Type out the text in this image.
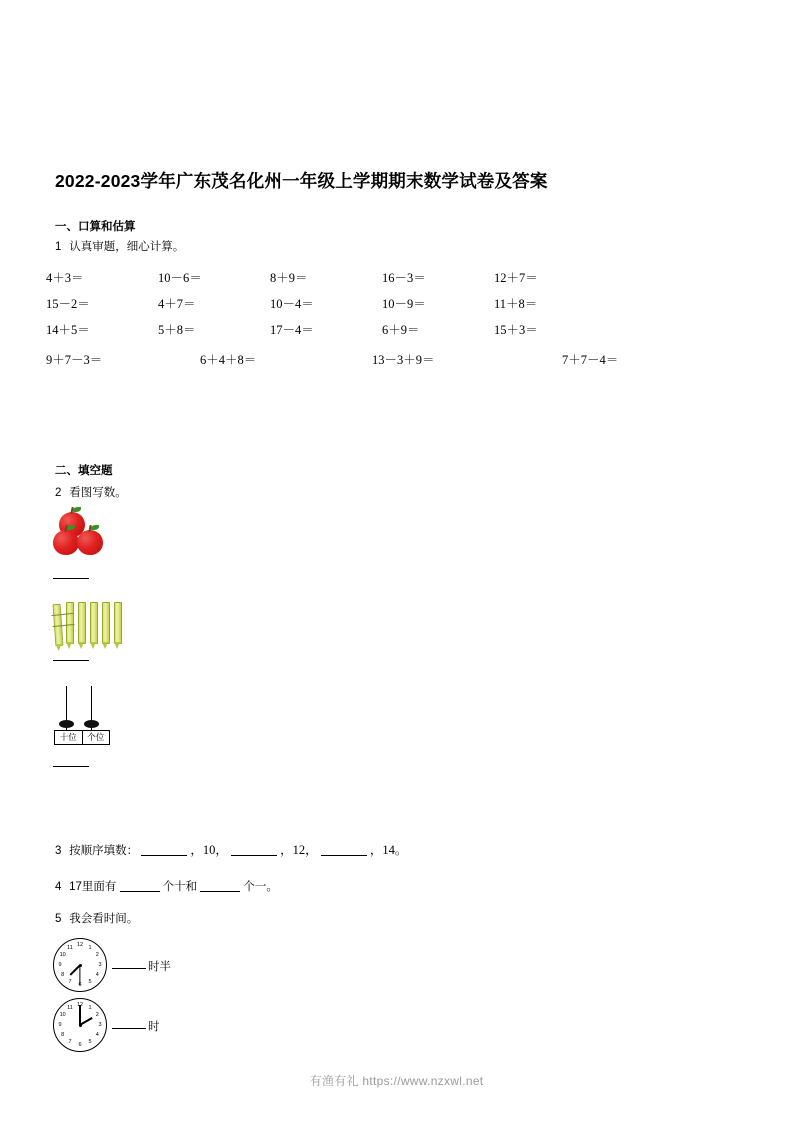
2022-2023学年广东茂名化州一年级上学期期末数学试卷及答案
一、口算和估算
1 认真审题，细心计算。
4＋3＝	10－6＝	8＋9＝	16－3＝	12＋7＝
15－2＝	4＋7＝	10－4＝	10－9＝	11＋8＝
14＋5＝	5＋8＝	17－4＝	6＋9＝	15＋3＝
9＋7－3＝	6＋4＋8＝	13－3＋9＝	7＋7－4＝
二、填空题
2 看图写数。
十位	个位
3 按顺序填数：	，10，	，12，	，14。
4 17里面有	个十和	个一。
5 我会看时间。
12 1
2
3
4
5
6
7
8
9
10
11
时半
12 1
2
3
4
5
6
7
8
9
10
11
时
有渔有礼 https://www.nzxwl.net
